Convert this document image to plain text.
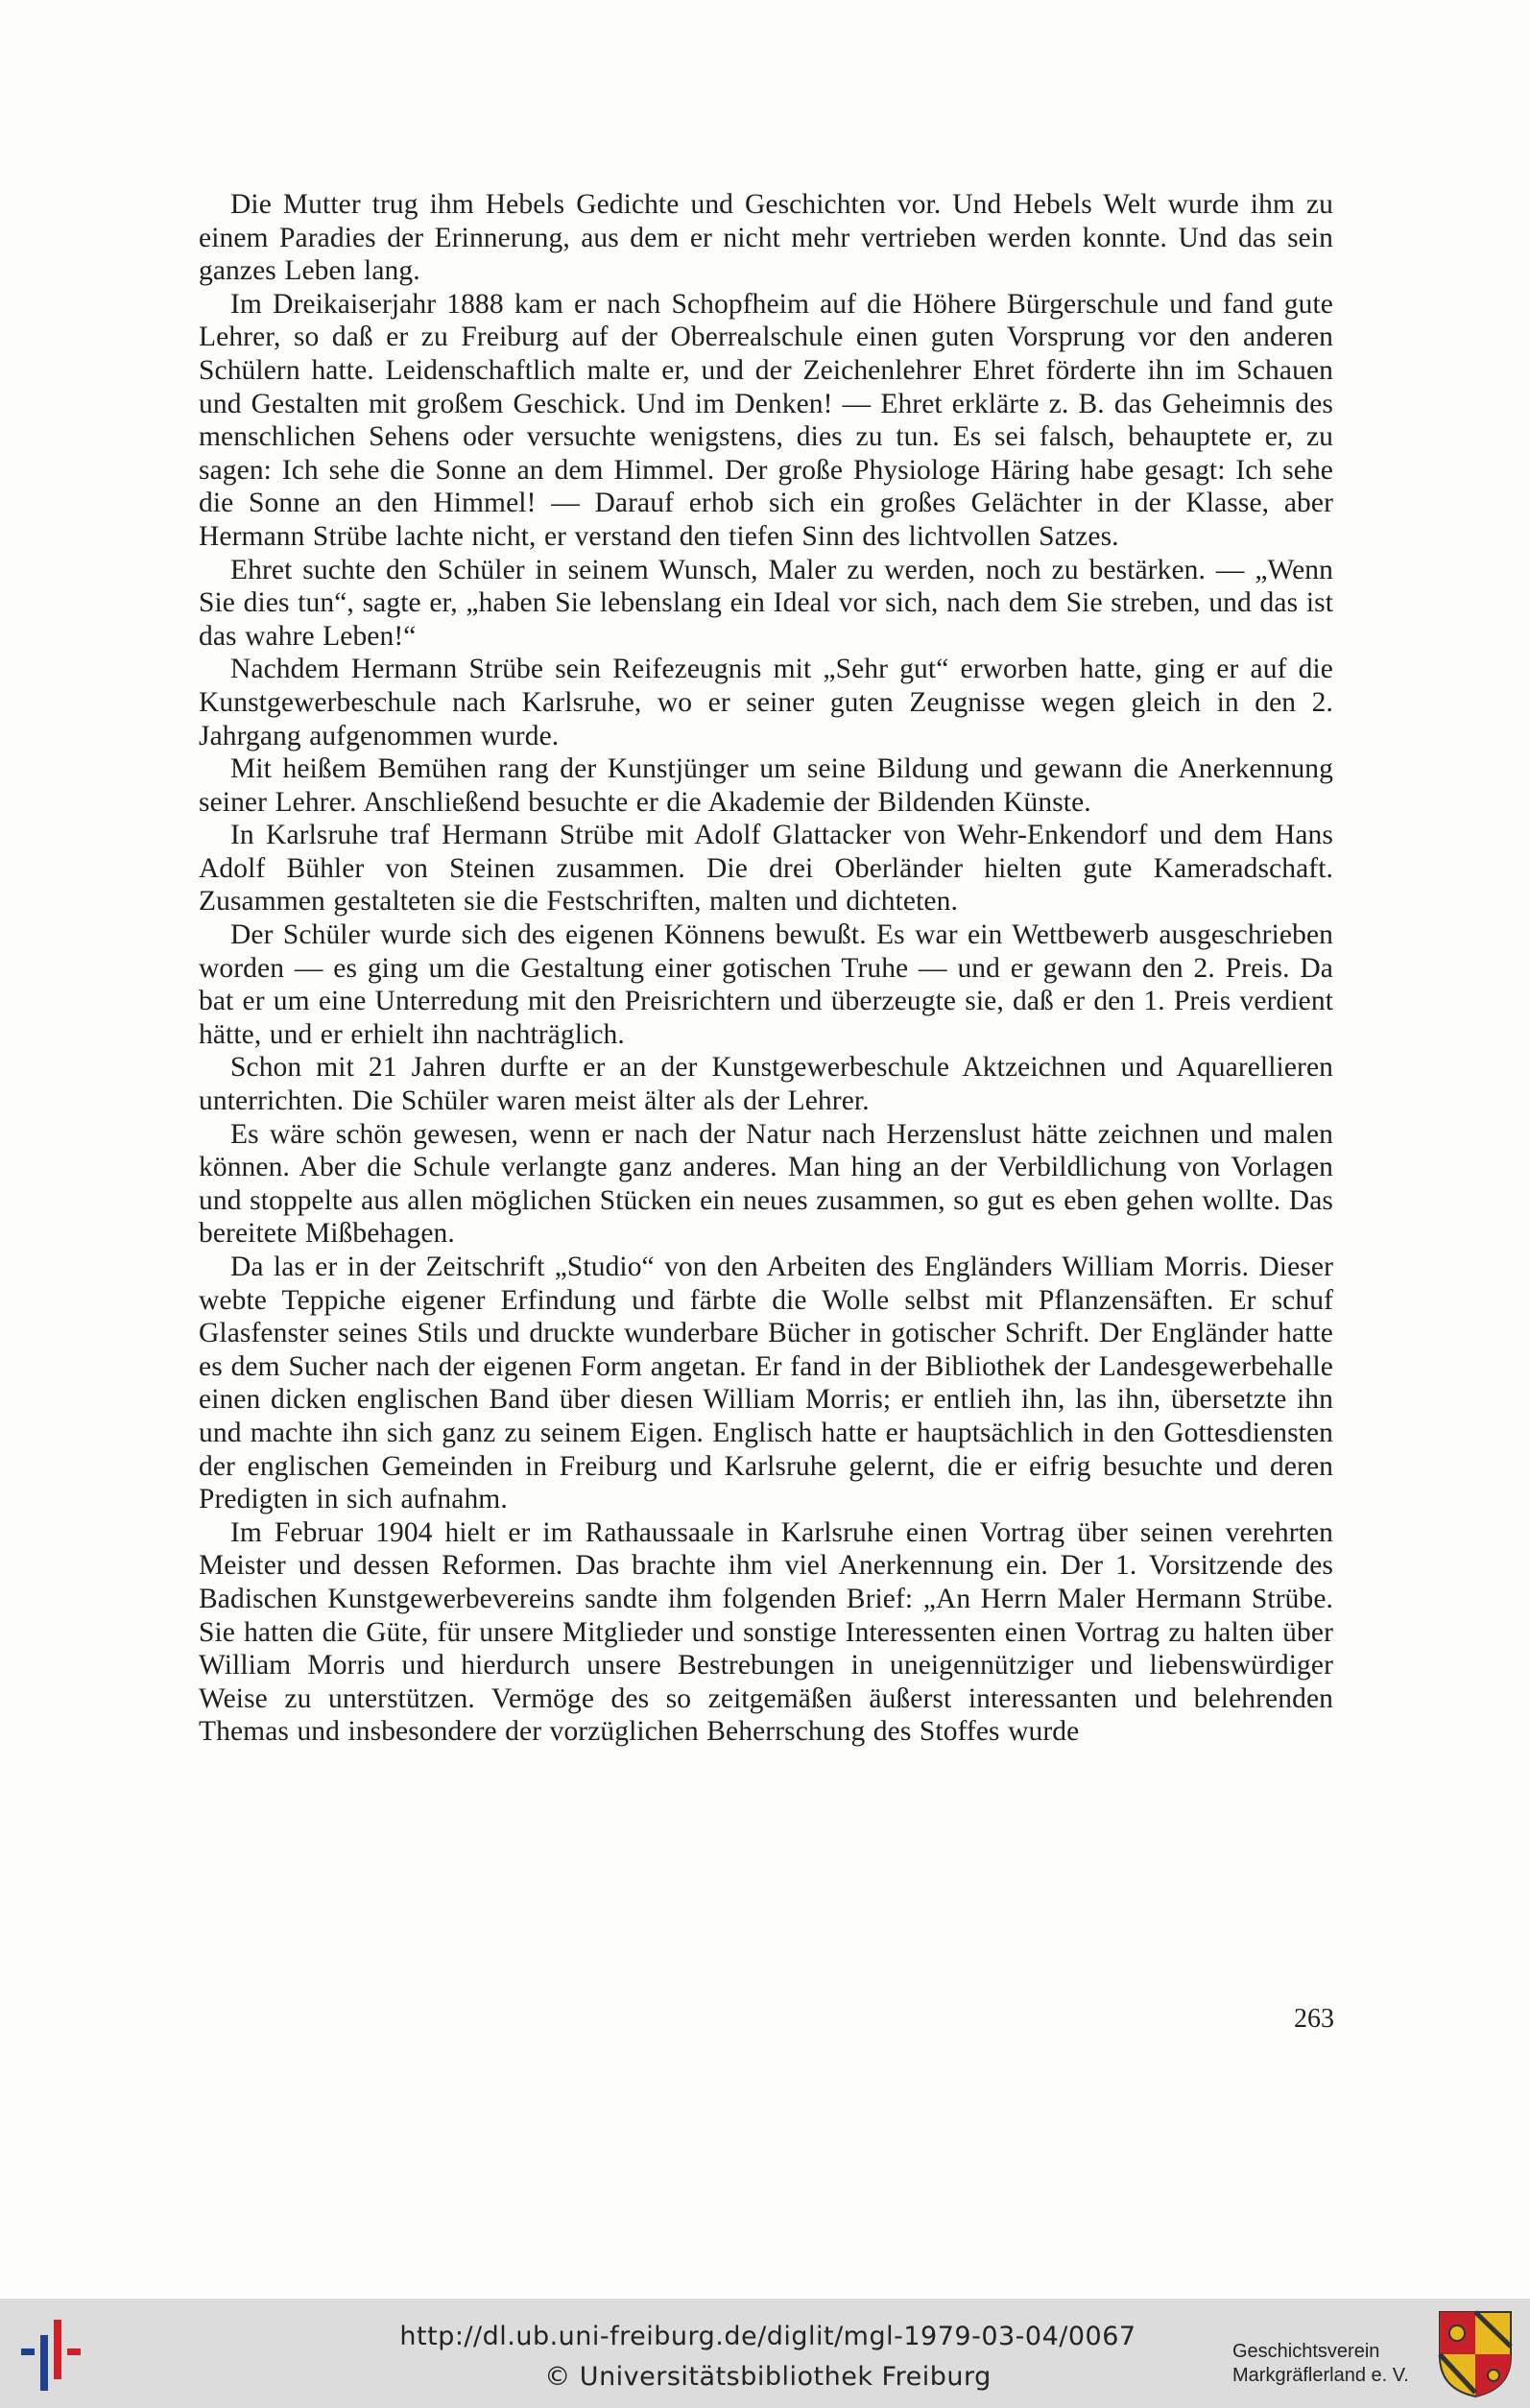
Die Mutter trug ihm Hebels Gedichte und Geschichten vor. Und Hebels Welt wurde ihm zu einem Paradies der Erinnerung, aus dem er nicht mehr vertrieben werden konnte. Und das sein ganzes Leben lang.

Im Dreikaiserjahr 1888 kam er nach Schopfheim auf die Höhere Bürgerschule und fand gute Lehrer, so daß er zu Freiburg auf der Oberrealschule einen guten Vorsprung vor den anderen Schülern hatte. Leidenschaftlich malte er, und der Zeichenlehrer Ehret förderte ihn im Schauen und Gestalten mit großem Geschick. Und im Denken! — Ehret erklärte z. B. das Geheimnis des menschlichen Sehens oder versuchte wenigstens, dies zu tun. Es sei falsch, behauptete er, zu sagen: Ich sehe die Sonne an dem Himmel. Der große Physiologe Häring habe gesagt: Ich sehe die Sonne an den Himmel! — Darauf erhob sich ein großes Gelächter in der Klasse, aber Hermann Strübe lachte nicht, er verstand den tiefen Sinn des lichtvollen Satzes.

Ehret suchte den Schüler in seinem Wunsch, Maler zu werden, noch zu bestärken. — „Wenn Sie dies tun“, sagte er, „haben Sie lebenslang ein Ideal vor sich, nach dem Sie streben, und das ist das wahre Leben!“

Nachdem Hermann Strübe sein Reifezeugnis mit „Sehr gut“ erworben hatte, ging er auf die Kunstgewerbeschule nach Karlsruhe, wo er seiner guten Zeugnisse wegen gleich in den 2. Jahrgang aufgenommen wurde.

Mit heißem Bemühen rang der Kunstjünger um seine Bildung und gewann die Anerkennung seiner Lehrer. Anschließend besuchte er die Akademie der Bildenden Künste.

In Karlsruhe traf Hermann Strübe mit Adolf Glattacker von Wehr-Enkendorf und dem Hans Adolf Bühler von Steinen zusammen. Die drei Oberländer hielten gute Kameradschaft. Zusammen gestalteten sie die Festschriften, malten und dichteten.

Der Schüler wurde sich des eigenen Könnens bewußt. Es war ein Wettbewerb ausgeschrieben worden — es ging um die Gestaltung einer gotischen Truhe — und er gewann den 2. Preis. Da bat er um eine Unterredung mit den Preisrichtern und überzeugte sie, daß er den 1. Preis verdient hätte, und er erhielt ihn nachträglich.

Schon mit 21 Jahren durfte er an der Kunstgewerbeschule Aktzeichnen und Aquarellieren unterrichten. Die Schüler waren meist älter als der Lehrer.

Es wäre schön gewesen, wenn er nach der Natur nach Herzenslust hätte zeichnen und malen können. Aber die Schule verlangte ganz anderes. Man hing an der Verbildlichung von Vorlagen und stoppelte aus allen möglichen Stücken ein neues zusammen, so gut es eben gehen wollte. Das bereitete Mißbehagen.

Da las er in der Zeitschrift „Studio“ von den Arbeiten des Engländers William Morris. Dieser webte Teppiche eigener Erfindung und färbte die Wolle selbst mit Pflanzensäften. Er schuf Glasfenster seines Stils und druckte wunderbare Bücher in gotischer Schrift. Der Engländer hatte es dem Sucher nach der eigenen Form angetan. Er fand in der Bibliothek der Landesgewerbehalle einen dicken englischen Band über diesen William Morris; er entlieh ihn, las ihn, übersetzte ihn und machte ihn sich ganz zu seinem Eigen. Englisch hatte er hauptsächlich in den Gottesdiensten der englischen Gemeinden in Freiburg und Karlsruhe gelernt, die er eifrig besuchte und deren Predigten in sich aufnahm.

Im Februar 1904 hielt er im Rathaussaale in Karlsruhe einen Vortrag über seinen verehrten Meister und dessen Reformen. Das brachte ihm viel Anerkennung ein. Der 1. Vorsitzende des Badischen Kunstgewerbevereins sandte ihm folgenden Brief: „An Herrn Maler Hermann Strübe. Sie hatten die Güte, für unsere Mitglieder und sonstige Interessenten einen Vortrag zu halten über William Morris und hierdurch unsere Bestrebungen in uneigennütziger und liebenswürdiger Weise zu unterstützen. Vermöge des so zeitgemäßen äußerst interessanten und belehrenden Themas und insbesondere der vorzüglichen Beherrschung des Stoffes wurde

263
http://dl.ub.uni-freiburg.de/diglit/mgl-1979-03-04/0067
© Universitätsbibliothek Freiburg
Geschichtsverein
Markgräflerland e. V.
